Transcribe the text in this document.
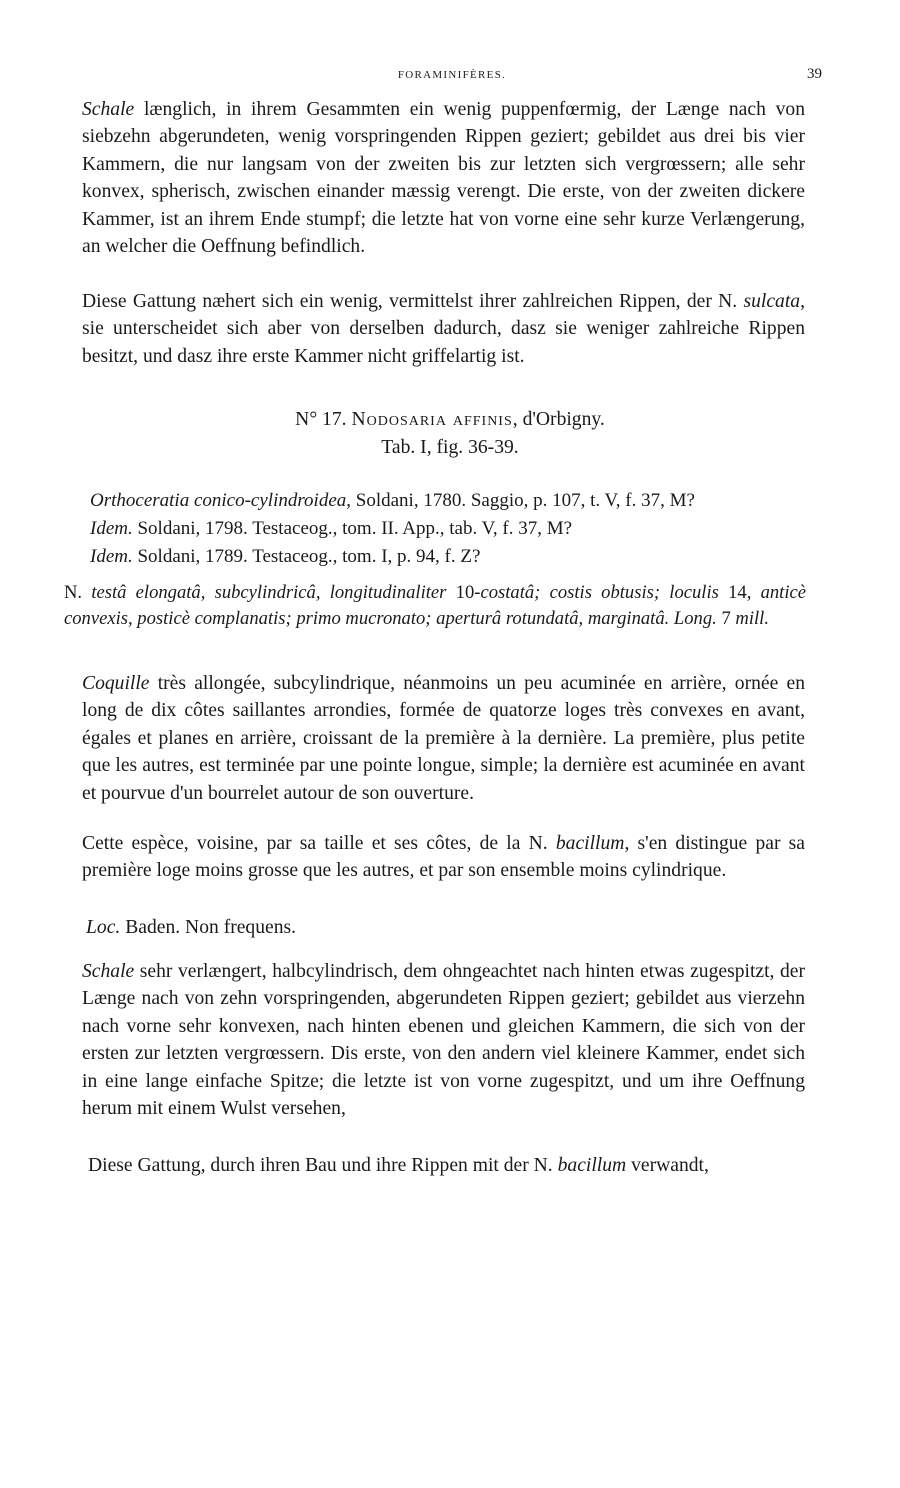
FORAMINIFÈRES.	39

Schale længlich, in ihrem Gesammten ein wenig puppenfœrmig, der Længe nach von siebzehn abgerundeten, wenig vorspringenden Rippen geziert; gebildet aus drei bis vier Kammern, die nur langsam von der zweiten bis zur letzten sich vergrœssern; alle sehr konvex, spherisch, zwischen einander mæssig verengt. Die erste, von der zweiten dickere Kammer, ist an ihrem Ende stumpf; die letzte hat von vorne eine sehr kurze Verlængerung, an welcher die Oeffnung befindlich.

Diese Gattung næhert sich ein wenig, vermittelst ihrer zahlreichen Rippen, der N. sulcata, sie unterscheidet sich aber von derselben dadurch, dasz sie weniger zahlreiche Rippen besitzt, und dasz ihre erste Kammer nicht griffelartig ist.

N° 17. Nodosaria affinis, d'Orbigny.

Tab. I, fig. 36-39.

Orthoceratia conico-cylindroidea, Soldani, 1780. Saggio, p. 107, t. V, f. 37, M?

Idem. Soldani, 1798. Testaceog., tom. II. App., tab. V, f. 37, M?

Idem. Soldani, 1789. Testaceog., tom. I, p. 94, f. Z?

N. testâ elongatâ, subcylindricâ, longitudinaliter 10-costatâ; costis obtusis; loculis 14, anticè convexis, posticè complanatis; primo mucronato; aperturâ rotundatâ, marginatâ. Long. 7 mill.

Coquille très allongée, subcylindrique, néanmoins un peu acuminée en arrière, ornée en long de dix côtes saillantes arrondies, formée de quatorze loges très convexes en avant, égales et planes en arrière, croissant de la première à la dernière. La première, plus petite que les autres, est terminée par une pointe longue, simple; la dernière est acuminée en avant et pourvue d'un bourrelet autour de son ouverture.

Cette espèce, voisine, par sa taille et ses côtes, de la N. bacillum, s'en distingue par sa première loge moins grosse que les autres, et par son ensemble moins cylindrique.

Loc. Baden. Non frequens.

Schale sehr verlængert, halbcylindrisch, dem ohngeachtet nach hinten etwas zugespitzt, der Længe nach von zehn vorspringenden, abgerundeten Rippen geziert; gebildet aus vierzehn nach vorne sehr konvexen, nach hinten ebenen und gleichen Kammern, die sich von der ersten zur letzten vergrœssern. Dis erste, von den andern viel kleinere Kammer, endet sich in eine lange einfache Spitze; die letzte ist von vorne zugespitzt, und um ihre Oeffnung herum mit einem Wulst versehen,

Diese Gattung, durch ihren Bau und ihre Rippen mit der N. bacillum verwandt,
